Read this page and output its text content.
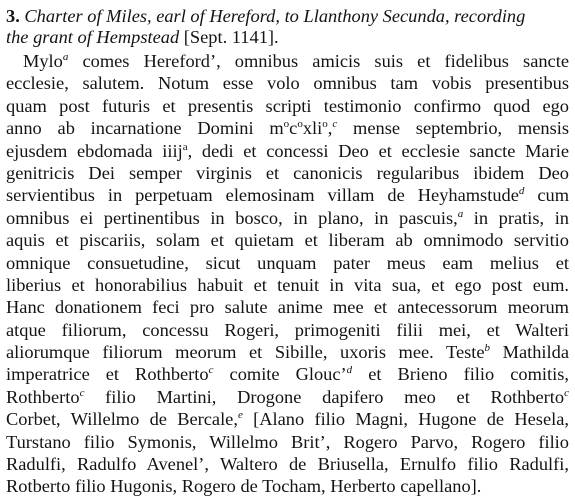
3. Charter of Miles, earl of Hereford, to Llanthony Secunda, recording
the grant of Hempstead [Sept. 1141].
Mylo$^a$ comes Hereford’, omnibus amicis suis et fidelibus sancte
ecclesie, salutem. Notum esse volo omnibus tam vobis presentibus
quam post futuris et presentis scripti testimonio confirmo quod ego
anno ab incarnatione Domini $m^oc^oxli^o,^c$ mense septembrio, mensis
ejusdem ebdomada iiij$^a$, dedi et concessi Deo et ecclesie sancte Marie
genitricis Dei semper virginis et canonicis regularibus ibidem Deo
servientibus in perpetuam elemosinam villam de Heyhamstude$^d$ cum
omnibus ei pertinentibus in bosco, in plano, in pascuis,$^a$ in pratis, in
aquis et piscariis, solam et quietam et liberam ab omnimodo servitio
omnique consuetudine, sicut unquam pater meus eam melius et
liberius et honorabilius habuit et tenuit in vita sua, et ego post eum.
Hanc donationem feci pro salute anime mee et antecessorum meorum
atque filiorum, concessu Rogeri, primogeniti filii mei, et Walteri
aliorumque filiorum meorum et Sibille, uxoris mee. Teste$^b$ Mathilda
imperatrice et Rothberto$^c$ comite Glouc’$^d$ et Brieno filio comitis,
Rothberto$^c$ filio Martini, Drogone dapifero meo et Rothberto$^c$
Corbet, Willelmo de Bercale,$^e$ [Alano filio Magni, Hugone de Hesela,
Turstano filio Symonis, Willelmo Brit’, Rogero Parvo, Rogero filio
Radulfi, Radulfo Avenel’, Waltero de Briusella, Ernulfo filio Radulfi,
Rotberto filio Hugonis, Rogero de Tocham, Herberto capellano].
